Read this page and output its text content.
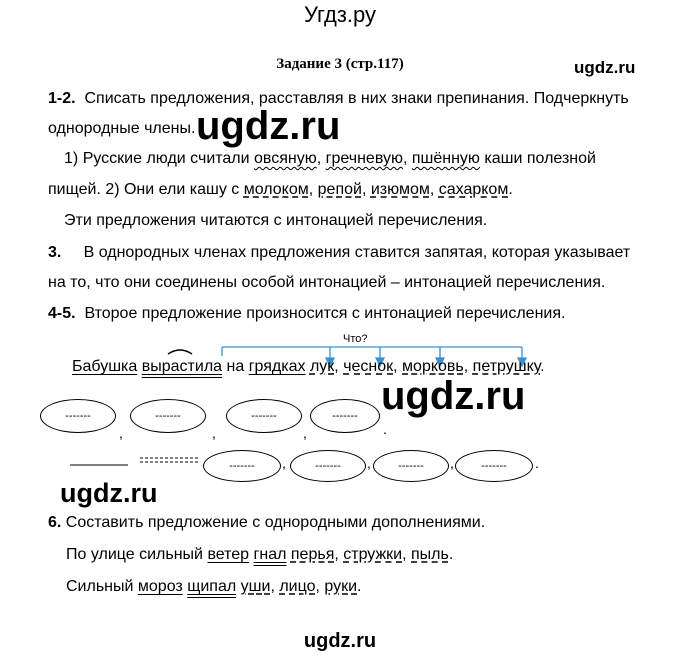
Угдз.ру
Задание 3 (стр.117)	ugdz.ru
1-2. Списать предложения, расставляя в них знаки препинания. Подчеркнуть
однородные члены. ugdz.ru
1) Русские люди считали овсяную, гречневую, пшённую каши полезной
пищей. 2) Они ели кашу с молоком, репой, изюмом, сахарком.
Эти предложения читаются с интонацией перечисления.
3. В однородных членах предложения ставится запятая, которая указывает
на то, что они соединены особой интонацией – интонацией перечисления.
4-5. Второе предложение произносится с интонацией перечисления.
Что?
Бабушка вырастила на грядках лук, чеснок, морковь, петрушку.
-------
,
-------
,
-------
,
-------
.
ugdz.ru
-------	,	-------	,	-------	,	-------	.
ugdz.ru
6. Составить предложение с однородными дополнениями.
По улице сильный ветер гнал перья, стружки, пыль.
Сильный мороз щипал уши, лицо, руки.
ugdz.ru
